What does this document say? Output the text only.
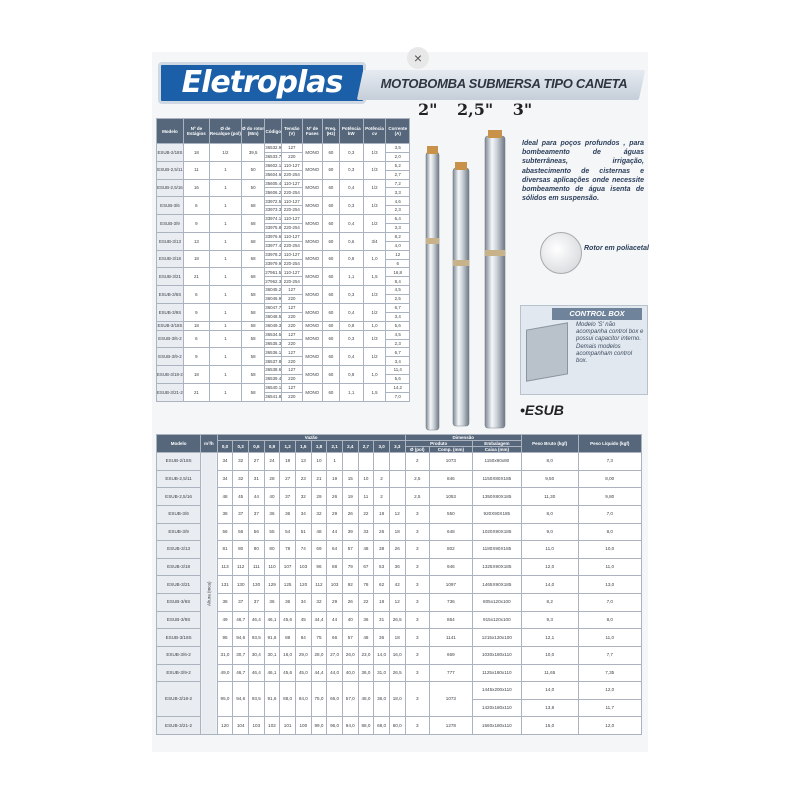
×
Eletroplas	MOTOBOMBA SUBMERSA TIPO CANETA
2" 2,5" 3"
Ideal para poços profundos , para bombeamento de águas subterrâneas, irrigação, abastecimento de cisternas e diversas aplicações onde necessite bombeamento de água isenta de sólidos em suspensão.
Rotor em poliacetal
CONTROL BOX
Modelo 'S' não acompanha control box e possui capacitor interno. Demais modelos acompanham control box.
•ESUB
Modelo	Nº de Estágios	Ø de Recalque (pol)	Ø do rotor (Mm)	Código	Tensão (V)	Nº de Fases	Freq. (Hz)	Potência kW	Potência cv	Corrente (A)
ESUB-2/18S	18	1/2	39,5	36532.9	127	MONO	60	0,3	1/3	3,5
				36533.7	220					2,0
ESUB-2,5/11	11	1	50	36602.1	110-127	MONO	60	0,3	1/3	5,2
				35604.6	220-254					2,7
ESUB-2,5/16	16	1	50	35605.4	110-127	MONO	60	0,4	1/2	7,2
				35606.2	220-254					3,3
ESUB-3/6	6	1	68	33972.5	110-127	MONO	60	0,3	1/3	4,6
				33973.3	220-254					2,3
ESUB-3/9	9	1	68	33974.1	110-127	MONO	60	0,4	1/2	6,4
				33975.8	220-254					3,3
ESUB-3/13	13	1	68	33976.6	110-127	MONO	60	0,6	3/4	8,2
				33977.4	220-254					4,0
ESUB-3/18	18	1	68	33978.2	110-127	MONO	60	0,8	1,0	12
				33979.9	220-254					6
ESUB-3/21	21	1	68	27961.5	110-127	MONO	60	1,1	1,5	16,8
				27962.3	220-254					8,4
ESUB-3/6S	6	1	58	36045.2	127	MONO	60	0,3	1/3	4,5
				36046.9	220					2,5
ESUB-3/9S	9	1	58	36047.7	127	MONO	60	0,4	1/2	6,7
				36048.5	220					3,4
ESUB-3/18S	18	1	58	36049.3	220	MONO	60	0,8	1,0	5,6
ESUB-3/6-2	6	1	58	36534.5	127	MONO	60	0,3	1/3	4,5
				36535.3	220					2,3
ESUB-3/9-2	9	1	58	36536.1	127	MONO	60	0,4	1/2	6,7
				36537.8	220					3,4
ESUB-3/18-2	18	1	58	36538.6	127	MONO	60	0,8	1,0	11,4
				36539.4	220					5,6
ESUB-3/21-2	21	1	58	36540.1	127	MONO	60	1,1	1,5	14,2
				36541.8	220					7,0
Modelo	m³/h	Vazão												Dimensão			Peso Bruto (kgf)	Peso Líquido (kgf)
		0,0	0,3	0,6	0,9	1,2	1,5	1,8	2,1	2,4	2,7	3,0	3,3	Produto		Embalagem		
														Ø (pol)	Comp. (mm)	Caixa (mm)		
ESUB-2/18S	Altura (mca)	34	32	27	24	18	13	10	1					2	1073	1150x90x80	8,0	7,3
ESUB-2,5/11		34	32	31	28	27	23	21	19	15	10	2		2,5	846	1150X80X185	9,50	8,00
ESUB-2,5/16		48	45	44	40	37	32	29	26	19	11	2		2,5	1053	1350X80X185	11,30	9,80
ESUB-3/6		38	37	37	36	36	34	32	29	26	22	18	12	3	550	920X90X185	8,0	7,0
ESUB-3/9		56	56	56	55	54	51	48	44	39	33	26	18	3	648	1020X90X185	9,0	8,0
ESUB-3/13		81	80	80	80	78	74	69	64	57	48	38	26	3	802	1180X90X185	11,0	10,0
ESUB-3/18		113	112	111	110	107	103	96	88	79	67	53	36	3	946	1325X90X185	12,0	11,0
ESUB-3/21		131	130	130	129	125	120	112	103	92	78	62	42	3	1097	1465X90X185	14,0	13,0
ESUB-3/6S		38	37	37	36	36	34	32	29	26	22	18	12	3	736	805x120x100	8,2	7,0
ESUB-3/9S		49	46,7	46,4	46,1	45,6	45	44,4	44	40	36	31	26,5	3	864	915x120x100	9,3	8,0
ESUB-3/18S		95	94,6	93,5	91,6	88	84	75	66	57	48	36	18	3	1141	1215x120x100	12,1	11,0
ESUB-3/6-2		31,0	30,7	30,4	30,1	16,0	29,0	28,0	27,0	26,0	23,0	14,0	16,0	3	669	1030x180x110	10,0	7,7
ESUB-3/9-2		49,0	46,7	46,4	46,1	45,6	45,0	44,4	44,0	40,0	36,0	31,0	26,5	3	777	1125x180x110	11,65	7,35
ESUB-3/18-2		95,0	94,6	93,5	91,6	88,0	84,0	75,0	66,0	57,0	48,0	36,0	18,0	3	1073	1445x200x110	14,0	12,0
																1420x180x110	13,8	11,7
ESUB-3/21-2		120	104	103	102	101	100	99,0	96,0	94,0	88,0	68,0	60,0	3	1278	1560x180x110	15,0	12,0
